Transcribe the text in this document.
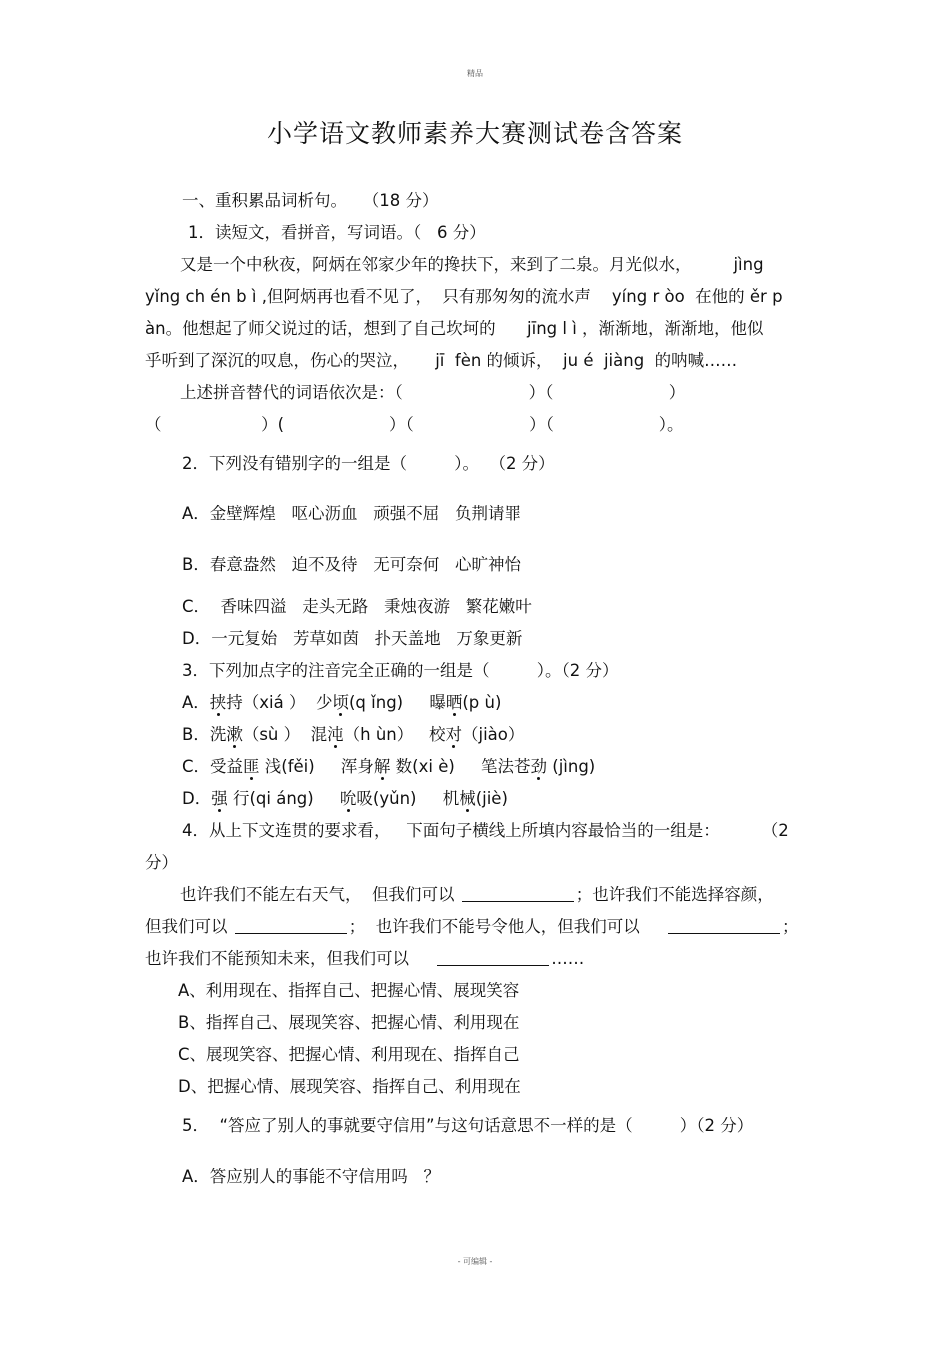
精品
小学语文教师素养大赛测试卷含答案
一、重积累品词析句。   （18 分）
1．读短文，看拼音，写词语。（   6 分）
又是一个中秋夜，阿炳在邻家少年的搀扶下，来到了二泉。月光似水，        jìng
yǐng ch én b ì ,但阿炳再也看不见了，  只有那匆匆的流水声    yíng r òo  在他的 ěr p
àn。他想起了师父说过的话，想到了自己坎坷的      jīng l ì ，渐渐地，渐渐地，他似
乎听到了深沉的叹息，伤心的哭泣，     jī  fèn 的倾诉，  ju é  jiàng  的呐喊……
上述拼音替代的词语依次是：（                        ）（                      ）
（                   ）(                    ）（                      ）（                    ）。
2．下列没有错别字的一组是（         ）。  （2 分）
A．金壁辉煌   呕心沥血   顽强不屈   负荆请罪
B．春意盎然   迫不及待   无可奈何   心旷神怡
C．  香味四溢   走头无路   秉烛夜游   繁花嫩叶
D．一元复始   芳草如茵   扑天盖地   万象更新
3．下列加点字的注音完全正确的一组是（         ）。（2 分）
A．挟持（xiá ）  少顷(q ǐng)     曝晒(p ù)
B．洗漱（sù ）  混沌（h ùn）   校对（jiào）
C．受益匪 浅(fěi)     浑身解 数(xi è)     笔法苍劲 (jìng)
D．强 行(qi áng)     吮吸(yǔn)     机械(jiè)
4．从上下文连贯的要求看，   下面句子横线上所填内容最恰当的一组是：        （2
分）
也许我们不能左右天气，  但我们可以	；也许我们不能选择容颜，
但我们可以	；  也许我们不能号令他人，但我们可以	；
也许我们不能预知未来，但我们可以	……
A、利用现在、指挥自己、把握心情、展现笑容
B、指挥自己、展现笑容、把握心情、利用现在
C、展现笑容、把握心情、利用现在、指挥自己
D、把握心情、展现笑容、指挥自己、利用现在
5．  “答应了别人的事就要守信用”与这句话意思不一样的是（         ）（2 分）
A．答应别人的事能不守信用吗   ？
- 可编辑 -
